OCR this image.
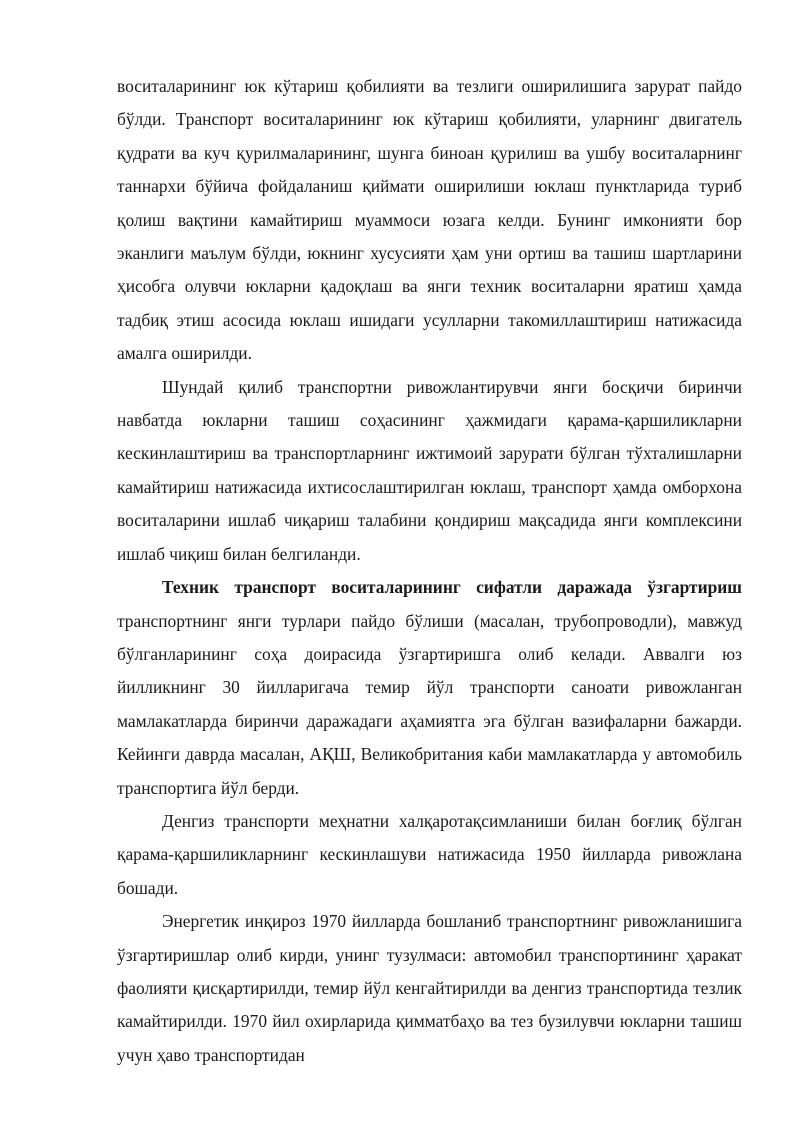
воситаларининг юк кўтариш қобилияти ва тезлиги оширилишига зарурат пайдо бўлди. Транспорт воситаларининг юк кўтариш қобилияти, уларнинг двигатель қудрати ва куч қурилмаларининг, шунга биноан қурилиш ва ушбу воситаларнинг таннархи бўйича фойдаланиш қиймати оширилиши юклаш пунктларида туриб қолиш вақтини камайтириш муаммоси юзага келди. Бунинг имконияти бор эканлиги маълум бўлди, юкнинг хусусияти ҳам уни ортиш ва ташиш шартларини ҳисобга олувчи юкларни қадоқлаш ва янги техник воситаларни яратиш ҳамда тадбиқ этиш асосида юклаш ишидаги усулларни такомиллаштириш натижасида амалга оширилди.

Шундай қилиб транспортни ривожлантирувчи янги босқичи биринчи навбатда юкларни ташиш соҳасининг ҳажмидаги қарама-қаршиликларни кескинлаштириш ва транспортларнинг ижтимоий зарурати бўлган тўхталишларни камайтириш натижасида ихтисослаштирилган юклаш, транспорт ҳамда омборхона воситаларини ишлаб чиқариш талабини қондириш мақсадида янги комплексини ишлаб чиқиш билан белгиланди.

Техник транспорт воситаларининг сифатли даражада ўзгартириш транспортнинг янги турлари пайдо бўлиши (масалан, трубопроводли), мавжуд бўлганларининг соҳа доирасида ўзгартиришга олиб келади. Аввалги юз йилликнинг 30 йилларигача темир йўл транспорти саноати ривожланган мамлакатларда биринчи даражадаги аҳамиятга эга бўлган вазифаларни бажарди. Кейинги даврда масалан, АҚШ, Великобритания каби мамлакатларда у автомобиль транспортига йўл берди.

Денгиз транспорти меҳнатни халқаротақсимланиши билан боғлиқ бўлган қарама-қаршиликларнинг кескинлашуви натижасида 1950 йилларда ривожлана бошади.

Энергетик инқироз 1970 йилларда бошланиб транспортнинг ривожланишига ўзгартиришлар олиб кирди, унинг тузулмаси: автомобил транспортининг ҳаракат фаолияти қисқартирилди, темир йўл кенгайтирилди ва денгиз транспортида тезлик камайтирилди. 1970 йил охирларида қимматбаҳо ва тез бузилувчи юкларни ташиш учун ҳаво транспортидан
